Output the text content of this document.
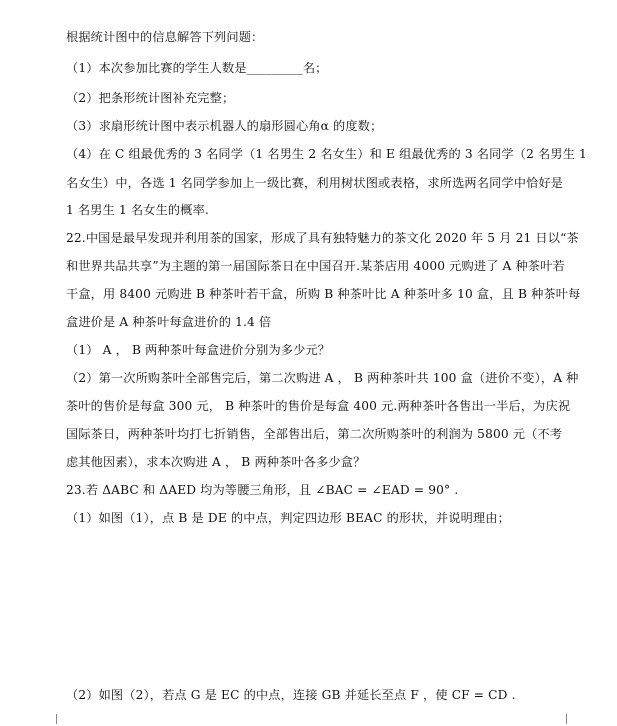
根据统计图中的信息解答下列问题：
（1）本次参加比赛的学生人数是_________名；
（2）把条形统计图补充完整；
（3）求扇形统计图中表示机器人的扇形圆心角α 的度数；
（4）在 C 组最优秀的 3 名同学（1 名男生 2 名女生）和 E 组最优秀的 3 名同学（2 名男生 1
名女生）中，各选 1 名同学参加上一级比赛，利用树状图或表格，求所选两名同学中恰好是
1 名男生 1 名女生的概率.
22.中国是最早发现并利用茶的国家，形成了具有独特魅力的茶文化 2020 年 5 月 21 日以“茶
和世界共品共享”为主题的第一届国际茶日在中国召开.某茶店用 4000 元购进了 A 种茶叶若
干盒，用 8400 元购进 B 种茶叶若干盒，所购 B 种茶叶比 A 种茶叶多 10 盒，且 B 种茶叶每
盒进价是 A 种茶叶每盒进价的 1.4 倍
（1） A ， B 两种茶叶每盒进价分别为多少元？
（2）第一次所购茶叶全部售完后，第二次购进 A ， B 两种茶叶共 100 盒（进价不变），A 种
茶叶的售价是每盒 300 元， B 种茶叶的售价是每盒 400 元.两种茶叶各售出一半后，为庆祝
国际茶日，两种茶叶均打七折销售，全部售出后，第二次所购茶叶的利润为 5800 元（不考
虑其他因素），求本次购进 A ， B 两种茶叶各多少盒？
23.若 ΔABC 和 ΔAED 均为等腰三角形，且 ∠BAC = ∠EAD = 90° .
（1）如图（1），点 B 是 DE 的中点，判定四边形 BEAC 的形状，并说明理由；
（2）如图（2），若点 G 是 EC 的中点，连接 GB 并延长至点 F ，使 CF = CD .
